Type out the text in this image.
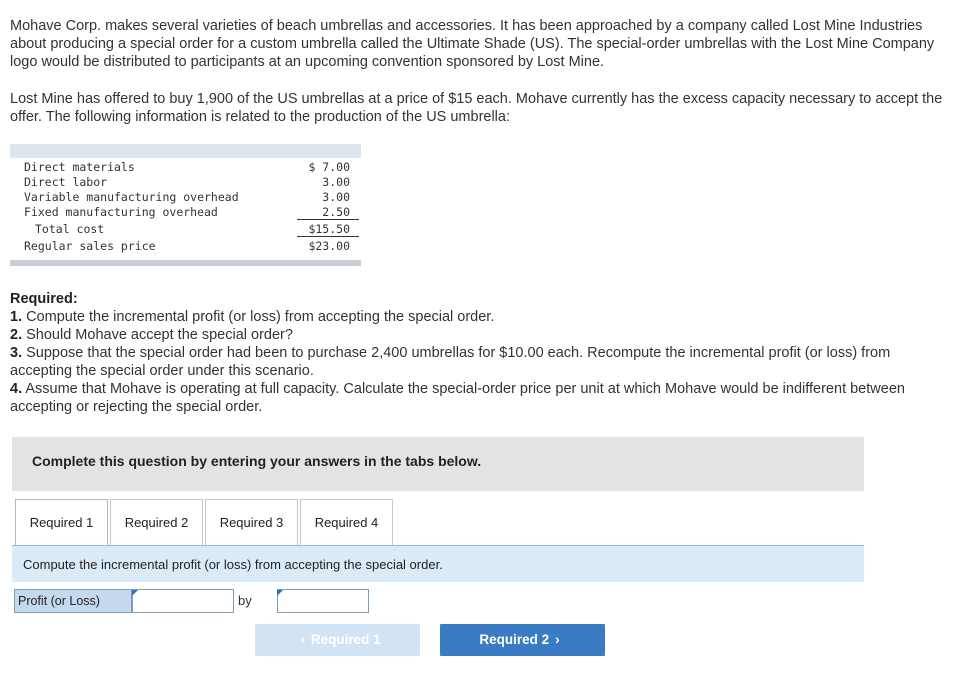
Mohave Corp. makes several varieties of beach umbrellas and accessories. It has been approached by a company called Lost Mine Industries about producing a special order for a custom umbrella called the Ultimate Shade (US). The special-order umbrellas with the Lost Mine Company logo would be distributed to participants at an upcoming convention sponsored by Lost Mine.
Lost Mine has offered to buy 1,900 of the US umbrellas at a price of $15 each. Mohave currently has the excess capacity necessary to accept the offer. The following information is related to the production of the US umbrella:
Direct materials	$ 7.00
Direct labor	3.00
Variable manufacturing overhead	3.00
Fixed manufacturing overhead	2.50
Total cost	$15.50
Regular sales price	$23.00
Required:
1. Compute the incremental profit (or loss) from accepting the special order.
2. Should Mohave accept the special order?
3. Suppose that the special order had been to purchase 2,400 umbrellas for $10.00 each. Recompute the incremental profit (or loss) from accepting the special order under this scenario.
4. Assume that Mohave is operating at full capacity. Calculate the special-order price per unit at which Mohave would be indifferent between accepting or rejecting the special order.
Complete this question by entering your answers in the tabs below.
Required 1	Required 2	Required 3	Required 4
Compute the incremental profit (or loss) from accepting the special order.
Profit (or Loss)	by
‹ Required 1	Required 2 ›
